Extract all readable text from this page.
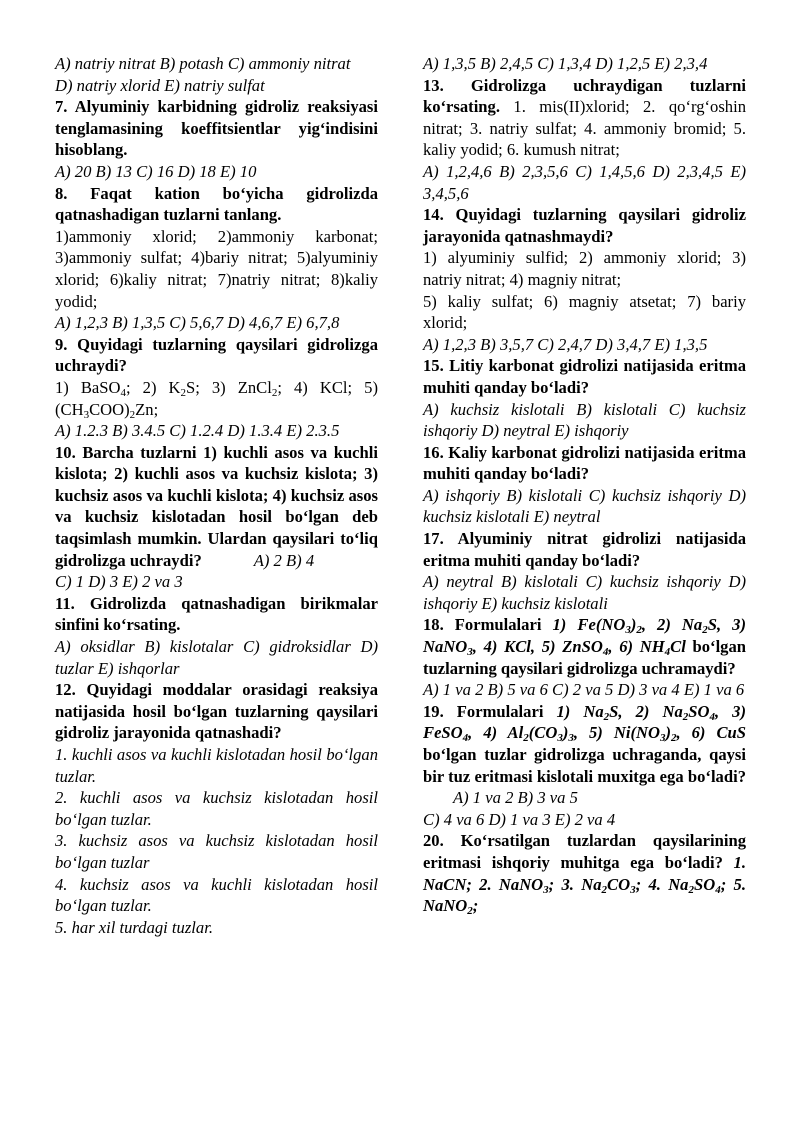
A) natriy nitrat B) potash C) ammoniy nitrat

D) natriy xlorid E) natriy sulfat

7. Alyuminiy karbidning gidroliz reaksiyasi tenglamasining koeffitsientlar yig‘indisini hisoblang.

A) 20 B) 13 C) 16 D) 18 E) 10

8. Faqat kation bo‘yicha gidrolizda qatnashadigan tuzlarni tanlang.

1)ammoniy xlorid; 2)ammoniy karbonat; 3)ammoniy sulfat; 4)bariy nitrat; 5)alyuminiy xlorid; 6)kaliy nitrat; 7)natriy nitrat; 8)kaliy yodid;

A) 1,2,3 B) 1,3,5 C) 5,6,7 D) 4,6,7 E) 6,7,8

9. Quyidagi tuzlarning qaysilari gidrolizga uchraydi?

1) BaSO$_4$; 2) $K_2S$; 3) ZnCl$_2$; 4) KCl; 5) $(CH_3COO)_2Zn$;

A) 1.2.3 B) 3.4.5 C) 1.2.4 D) 1.3.4 E) 2.3.5

10. Barcha tuzlarni 1) kuchli asos va kuchli kislota; 2) kuchli asos va kuchsiz kislota; 3) kuchsiz asos va kuchli kislota; 4) kuchsiz asos va kuchsiz kislotadan hosil bo‘lgan deb taqsimlash mumkin. Ulardan qaysilari to‘liq gidrolizga uchraydi?	A) 2 B) 4

C) 1 D) 3 E) 2 va 3

11. Gidrolizda qatnashadigan birikmalar sinfini ko‘rsating.

A) oksidlar B) kislotalar C) gidroksidlar D) tuzlar E) ishqorlar

12. Quyidagi moddalar orasidagi reaksiya natijasida hosil bo‘lgan tuzlarning qaysilari gidroliz jarayonida qatnashadi?

1. kuchli asos va kuchli kislotadan hosil bo‘lgan tuzlar.

2. kuchli asos va kuchsiz kislotadan hosil bo‘lgan tuzlar.

3. kuchsiz asos va kuchsiz kislotadan hosil bo‘lgan tuzlar

4. kuchsiz asos va kuchli kislotadan hosil bo‘lgan tuzlar.

5. har xil turdagi tuzlar.

A) 1,3,5 B) 2,4,5 C) 1,3,4 D) 1,2,5 E) 2,3,4

13. Gidrolizga uchraydigan tuzlarni ko‘rsating. 1. mis(II)xlorid; 2. qo‘rg‘oshin nitrat; 3. natriy sulfat; 4. ammoniy bromid; 5. kaliy yodid; 6. kumush nitrat;

A) 1,2,4,6 B) 2,3,5,6 C) 1,4,5,6 D) 2,3,4,5 E) 3,4,5,6

14. Quyidagi tuzlarning qaysilari gidroliz jarayonida qatnashmaydi?

1) alyuminiy sulfid; 2) ammoniy xlorid; 3) natriy nitrat; 4) magniy nitrat;

5) kaliy sulfat; 6) magniy atsetat; 7) bariy xlorid;

A) 1,2,3 B) 3,5,7 C) 2,4,7 D) 3,4,7 E) 1,3,5

15. Litiy karbonat gidrolizi natijasida eritma muhiti qanday bo‘ladi?

A) kuchsiz kislotali B) kislotali C) kuchsiz ishqoriy D) neytral E) ishqoriy

16. Kaliy karbonat gidrolizi natijasida eritma muhiti qanday bo‘ladi?

A) ishqoriy B) kislotali C) kuchsiz ishqoriy D) kuchsiz kislotali E) neytral

17. Alyuminiy nitrat gidrolizi natijasida eritma muhiti qanday bo‘ladi?

A) neytral B) kislotali C) kuchsiz ishqoriy D) ishqoriy E) kuchsiz kislotali

18. Formulalari 1) $Fe(NO_3)_2$, 2) $Na_2S$, 3) NaNO$_3$, 4) KCl, 5) ZnSO$_4$, 6) $NH_4Cl$ bo‘lgan tuzlarning qaysilari gidrolizga uchramaydi?

A) 1 va 2 B) 5 va 6 C) 2 va 5 D) 3 va 4 E) 1 va 6

19. Formulalari 1) $Na_2S$, 2) $Na_2SO_4$, 3) FeSO$_4$, 4) $Al_2(CO_3)_3$, 5) $Ni(NO_3)_2$, 6) CuS bo‘lgan tuzlar gidrolizga uchraganda, qaysi bir tuz eritmasi kislotali muxitga ega bo‘ladi?A) 1 va 2 B) 3 va 5

C) 4 va 6 D) 1 va 3 E) 2 va 4

20. Ko‘rsatilgan tuzlardan qaysilarining eritmasi ishqoriy muhitga ega bo‘ladi? 1. NaCN; 2. NaNO$_3$; 3. $Na_2CO_3$; 4. $Na_2SO_4$; 5. NaNO$_2$;
